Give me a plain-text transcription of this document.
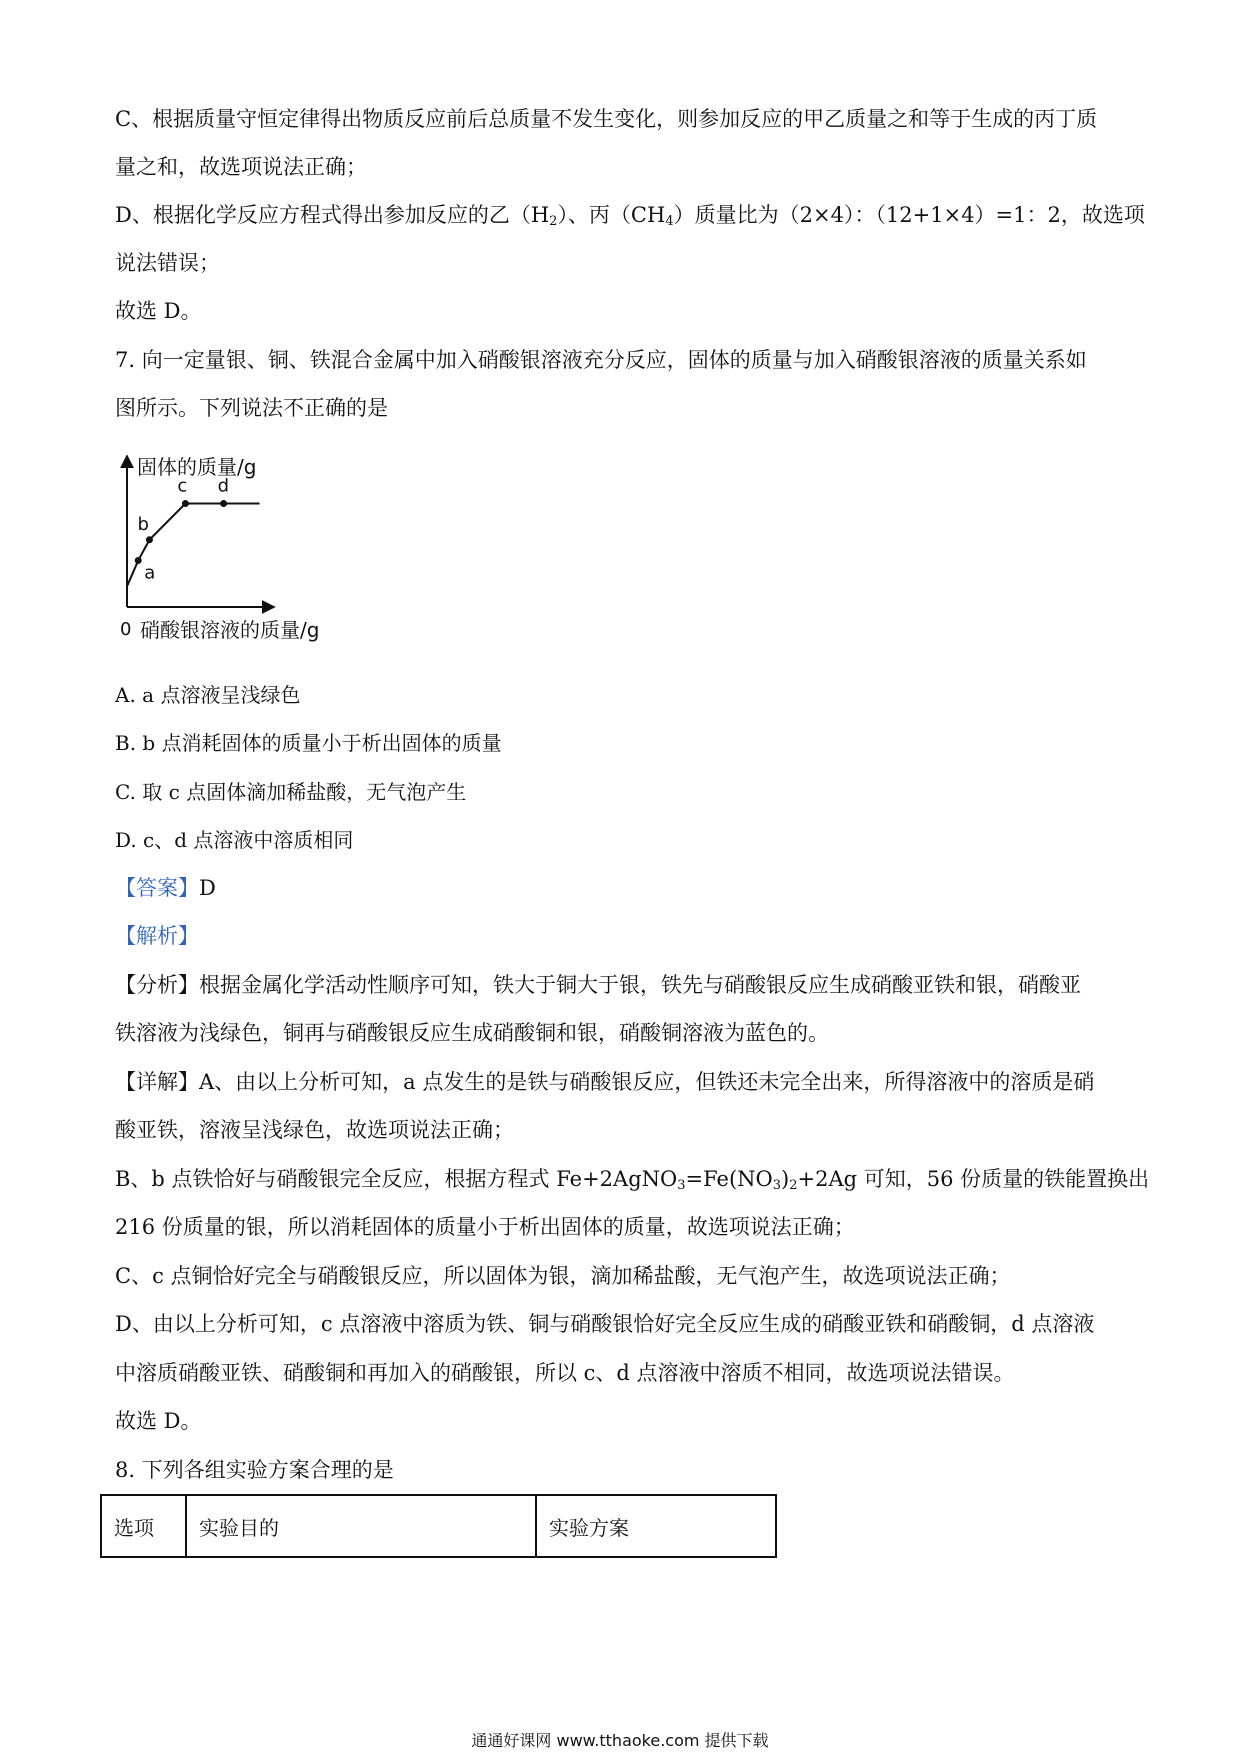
C、根据质量守恒定律得出物质反应前后总质量不发生变化，则参加反应的甲乙质量之和等于生成的丙丁质
量之和，故选项说法正确；
D、根据化学反应方程式得出参加反应的乙$(H_2)$、丙$(CH_4)$质量比为（2×4）：（12+1×4）=1：2，故选项
说法错误；
故选 D。
7. 向一定量银、铜、铁混合金属中加入硝酸银溶液充分反应，固体的质量与加入硝酸银溶液的质量关系如
图所示。下列说法不正确的是
固体的质量/g
0 硝酸银溶液的质量/g
a
b
c d
A. a 点溶液呈浅绿色
B. b 点消耗固体的质量小于析出固体的质量
C. 取 c 点固体滴加稀盐酸，无气泡产生
D. c、d 点溶液中溶质相同
【答案】D
【解析】
【分析】根据金属化学活动性顺序可知，铁大于铜大于银，铁先与硝酸银反应生成硝酸亚铁和银，硝酸亚
铁溶液为浅绿色，铜再与硝酸银反应生成硝酸铜和银，硝酸铜溶液为蓝色的。
【详解】A、由以上分析可知，a 点发生的是铁与硝酸银反应，但铁还未完全出来，所得溶液中的溶质是硝
酸亚铁，溶液呈浅绿色，故选项说法正确；
B、b 点铁恰好与硝酸银完全反应，根据方程式 $Fe+2AgNO_3=Fe(NO_3)_2+2Ag$ 可知，56 份质量的铁能置换出
216 份质量的银，所以消耗固体的质量小于析出固体的质量，故选项说法正确；
C、c 点铜恰好完全与硝酸银反应，所以固体为银，滴加稀盐酸，无气泡产生，故选项说法正确；
D、由以上分析可知，c 点溶液中溶质为铁、铜与硝酸银恰好完全反应生成的硝酸亚铁和硝酸铜，d 点溶液
中溶质硝酸亚铁、硝酸铜和再加入的硝酸银，所以 c、d 点溶液中溶质不相同，故选项说法错误。
故选 D。
8. 下列各组实验方案合理的是
选项	实验目的	实验方案
通通好课网 www.tthaoke.com 提供下载
